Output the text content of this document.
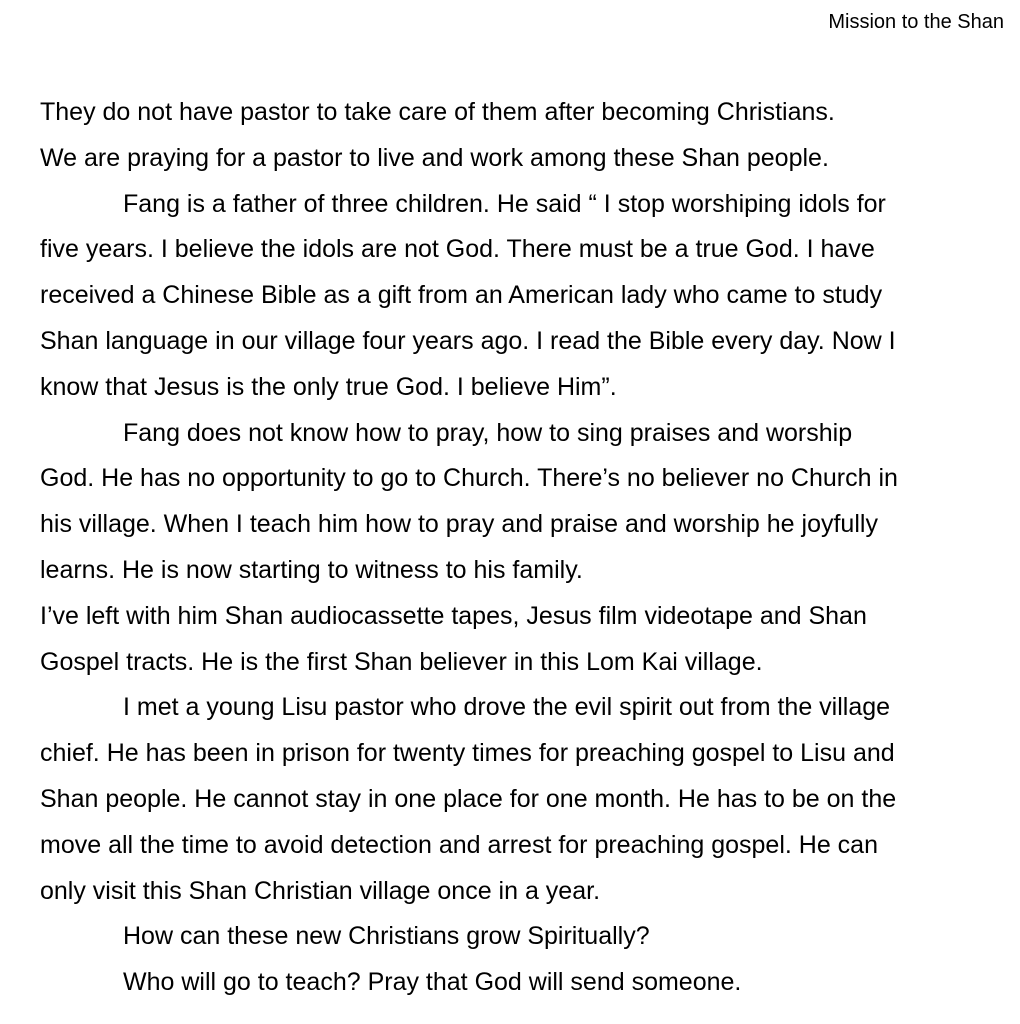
Mission to the Shan
They do not have pastor to take care of them after becoming Christians.
We are praying for a pastor to live and work among these Shan people.
Fang is a father of three children. He said “ I stop worshiping idols for
five years. I believe the idols are not God. There must be a true God. I have
received a Chinese Bible as a gift from an American lady who came to study
Shan language in our village four years ago. I read the Bible every day. Now I
know that Jesus is the only true God. I believe Him”.
Fang does not know how to pray, how to sing praises and worship
God. He has no opportunity to go to Church. There’s no believer no Church in
his village. When I teach him how to pray and praise and worship he joyfully
learns. He is now starting to witness to his family.
I’ve left with him Shan audiocassette tapes, Jesus film videotape and Shan
Gospel tracts. He is the first Shan believer in this Lom Kai village.
I met a young Lisu pastor who drove the evil spirit out from the village
chief. He has been in prison for twenty times for preaching gospel to Lisu and
Shan people. He cannot stay in one place for one month. He has to be on the
move all the time to avoid detection and arrest for preaching gospel. He can
only visit this Shan Christian village once in a year.
How can these new Christians grow Spiritually?
Who will go to teach? Pray that God will send someone.
